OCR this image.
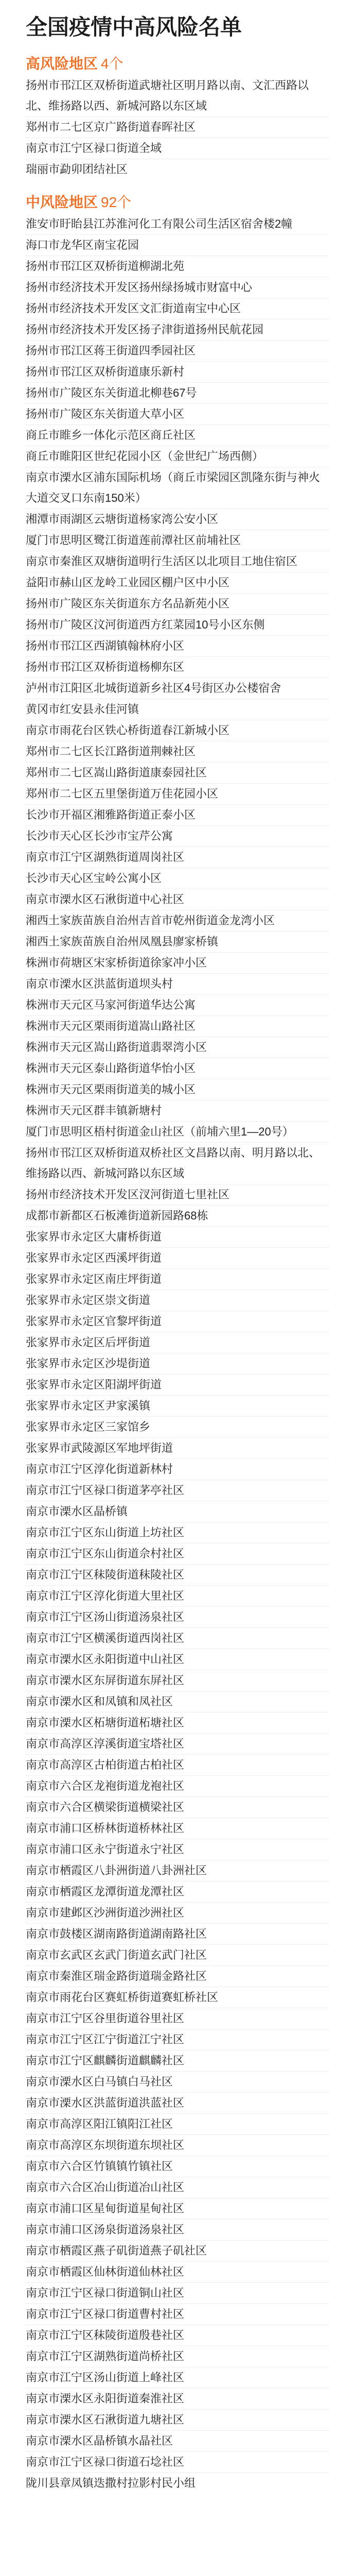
全国疫情中高风险名单
高风险地区 4个
扬州市邗江区双桥街道武塘社区明月路以南、文汇西路以北、维扬路以西、新城河路以东区域
郑州市二七区京广路街道春晖社区
南京市江宁区禄口街道全域
瑞丽市勐卯团结社区
中风险地区 92个
淮安市盱眙县江苏淮河化工有限公司生活区宿舍楼2幢
海口市龙华区南宝花园
扬州市邗江区双桥街道柳湖北苑
扬州市经济技术开发区扬州绿扬城市财富中心
扬州市经济技术开发区文汇街道南宝中心区
扬州市经济技术开发区扬子津街道扬州民航花园
扬州市邗江区蒋王街道四季园社区
扬州市邗江区双桥街道康乐新村
扬州市广陵区东关街道北柳巷67号
扬州市广陵区东关街道大草小区
商丘市睢乡一体化示范区商丘社区
商丘市睢阳区世纪花园小区（金世纪广场西侧）
南京市溧水区浦东国际机场（商丘市梁园区凯隆东街与神火大道交叉口东南150米）
湘潭市雨湖区云塘街道杨家湾公安小区
厦门市思明区鹭江街道莲前潭社区前埔社区
南京市秦淮区双塘街道明行生活区以北项目工地住宿区
益阳市赫山区龙岭工业园区棚户区中小区
扬州市广陵区东关街道东方名品新苑小区
扬州市广陵区汶河街道西方红菜园10号小区东侧
扬州市邗江区西湖镇翰林府小区
扬州市邗江区双桥街道杨柳东区
泸州市江阳区北城街道新乡社区4号街区办公楼宿舍
黄冈市红安县永佳河镇
南京市雨花台区铁心桥街道春江新城小区
郑州市二七区长江路街道荆棘社区
郑州市二七区嵩山路街道康泰园社区
郑州市二七区五里堡街道万佳花园小区
长沙市开福区湘雅路街道正泰小区
长沙市天心区长沙市宝芹公寓
南京市江宁区湖熟街道周岗社区
长沙市天心区宝岭公寓小区
南京市溧水区石湫街道中心社区
湘西土家族苗族自治州吉首市乾州街道金龙湾小区
湘西土家族苗族自治州凤凰县廖家桥镇
株洲市荷塘区宋家桥街道徐家冲小区
南京市溧水区洪蓝街道坝头村
株洲市天元区马家河街道华达公寓
株洲市天元区栗雨街道嵩山路社区
株洲市天元区嵩山路街道翡翠湾小区
株洲市天元区泰山路街道华怡小区
株洲市天元区栗雨街道美的城小区
株洲市天元区群丰镇新塘村
厦门市思明区梧村街道金山社区（前埔六里1—20号）
扬州市邗江区双桥街道双桥社区文昌路以南、明月路以北、维扬路以西、新城河路以东区域
扬州市经济技术开发区汊河街道七里社区
成都市新都区石板滩街道新园路68栋
张家界市永定区大庸桥街道
张家界市永定区西溪坪街道
张家界市永定区南庄坪街道
张家界市永定区崇文街道
张家界市永定区官黎坪街道
张家界市永定区后坪街道
张家界市永定区沙堤街道
张家界市永定区阳湖坪街道
张家界市永定区尹家溪镇
张家界市永定区三家馆乡
张家界市武陵源区军地坪街道
南京市江宁区淳化街道新林村
南京市江宁区禄口街道茅亭社区
南京市溧水区晶桥镇
南京市江宁区东山街道上坊社区
南京市江宁区东山街道佘村社区
南京市江宁区秣陵街道秣陵社区
南京市江宁区淳化街道大里社区
南京市江宁区汤山街道汤泉社区
南京市江宁区横溪街道西岗社区
南京市溧水区永阳街道中山社区
南京市溧水区东屏街道东屏社区
南京市溧水区和凤镇和凤社区
南京市溧水区柘塘街道柘塘社区
南京市高淳区淳溪街道宝塔社区
南京市高淳区古柏街道古柏社区
南京市六合区龙袍街道龙袍社区
南京市六合区横梁街道横梁社区
南京市浦口区桥林街道桥林社区
南京市浦口区永宁街道永宁社区
南京市栖霞区八卦洲街道八卦洲社区
南京市栖霞区龙潭街道龙潭社区
南京市建邺区沙洲街道沙洲社区
南京市鼓楼区湖南路街道湖南路社区
南京市玄武区玄武门街道玄武门社区
南京市秦淮区瑞金路街道瑞金路社区
南京市雨花台区赛虹桥街道赛虹桥社区
南京市江宁区谷里街道谷里社区
南京市江宁区江宁街道江宁社区
南京市江宁区麒麟街道麒麟社区
南京市溧水区白马镇白马社区
南京市溧水区洪蓝街道洪蓝社区
南京市高淳区阳江镇阳江社区
南京市高淳区东坝街道东坝社区
南京市六合区竹镇镇竹镇社区
南京市六合区冶山街道冶山社区
南京市浦口区星甸街道星甸社区
南京市浦口区汤泉街道汤泉社区
南京市栖霞区燕子矶街道燕子矶社区
南京市栖霞区仙林街道仙林社区
南京市江宁区禄口街道铜山社区
南京市江宁区禄口街道曹村社区
南京市江宁区秣陵街道殷巷社区
南京市江宁区湖熟街道尚桥社区
南京市江宁区汤山街道上峰社区
南京市溧水区永阳街道秦淮社区
南京市溧水区石湫街道九塘社区
南京市溧水区晶桥镇水晶社区
南京市江宁区禄口街道石埝社区
陇川县章凤镇迭撒村拉影村民小组
